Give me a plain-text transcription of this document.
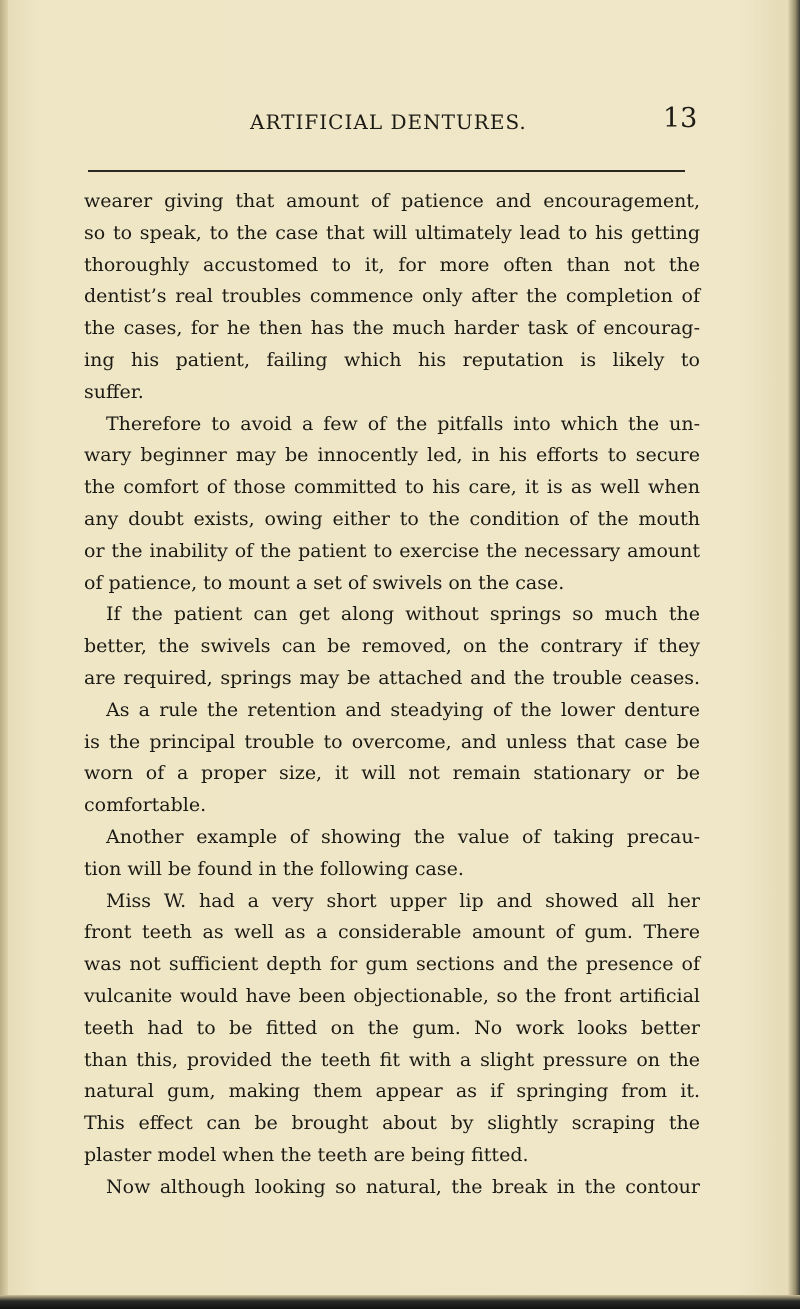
ARTIFICIAL DENTURES.	13
wearer giving that amount of patience and encouragement,
so to speak, to the case that will ultimately lead to his getting
thoroughly accustomed to it, for more often than not the
dentist’s real troubles commence only after the completion of
the cases, for he then has the much harder task of encourag-
ing his patient, failing which his reputation is likely to
suffer.
Therefore to avoid a few of the pitfalls into which the un-
wary beginner may be innocently led, in his efforts to secure
the comfort of those committed to his care, it is as well when
any doubt exists, owing either to the condition of the mouth
or the inability of the patient to exercise the necessary amount
of patience, to mount a set of swivels on the case.
If the patient can get along without springs so much the
better, the swivels can be removed, on the contrary if they
are required, springs may be attached and the trouble ceases.
As a rule the retention and steadying of the lower denture
is the principal trouble to overcome, and unless that case be
worn of a proper size, it will not remain stationary or be
comfortable.
Another example of showing the value of taking precau-
tion will be found in the following case.
Miss W. had a very short upper lip and showed all her
front teeth as well as a considerable amount of gum. There
was not sufficient depth for gum sections and the presence of
vulcanite would have been objectionable, so the front artificial
teeth had to be fitted on the gum. No work looks better
than this, provided the teeth fit with a slight pressure on the
natural gum, making them appear as if springing from it.
This effect can be brought about by slightly scraping the
plaster model when the teeth are being fitted.
Now although looking so natural, the break in the contour
